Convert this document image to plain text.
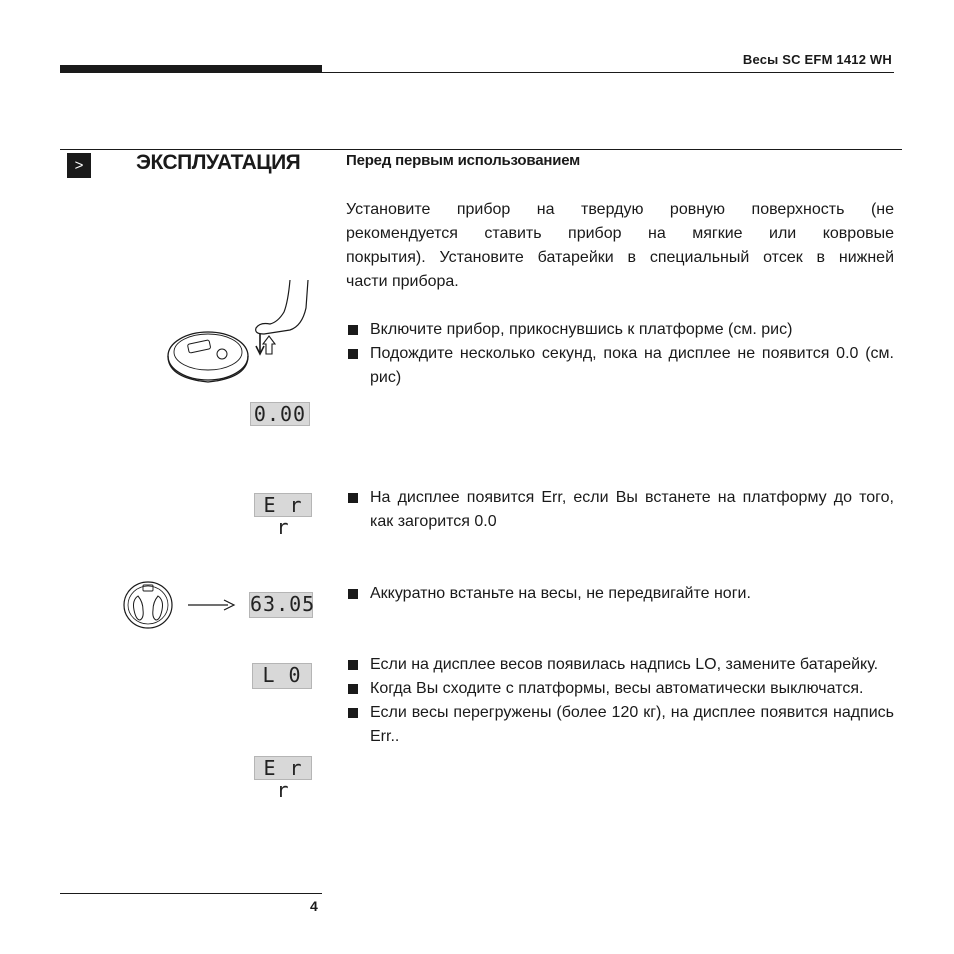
Весы SC EFM 1412 WH
>	ЭКСПЛУАТАЦИЯ	Перед первым использованием
Установите прибор на твердую ровную поверхность (не
рекомендуется ставить прибор на мягкие или ковровые
покрытия). Установите батарейки в специальный отсек в нижней
части прибора.
0.00
E r r
63.05
L 0
E r r
Включите прибор, прикоснувшись к платформе (см. рис)
Подождите несколько секунд, пока на дисплее не появится 0.0 (см. рис)
На дисплее появится Err, если Вы встанете на платформу до того, как загорится 0.0
Аккуратно встаньте на весы, не передвигайте ноги.
Если на дисплее весов появилась надпись LO, замените батарейку.
Когда Вы сходите с платформы, весы автоматически выключатся.
Если весы перегружены (более 120 кг), на дисплее появится надпись Err..
4
